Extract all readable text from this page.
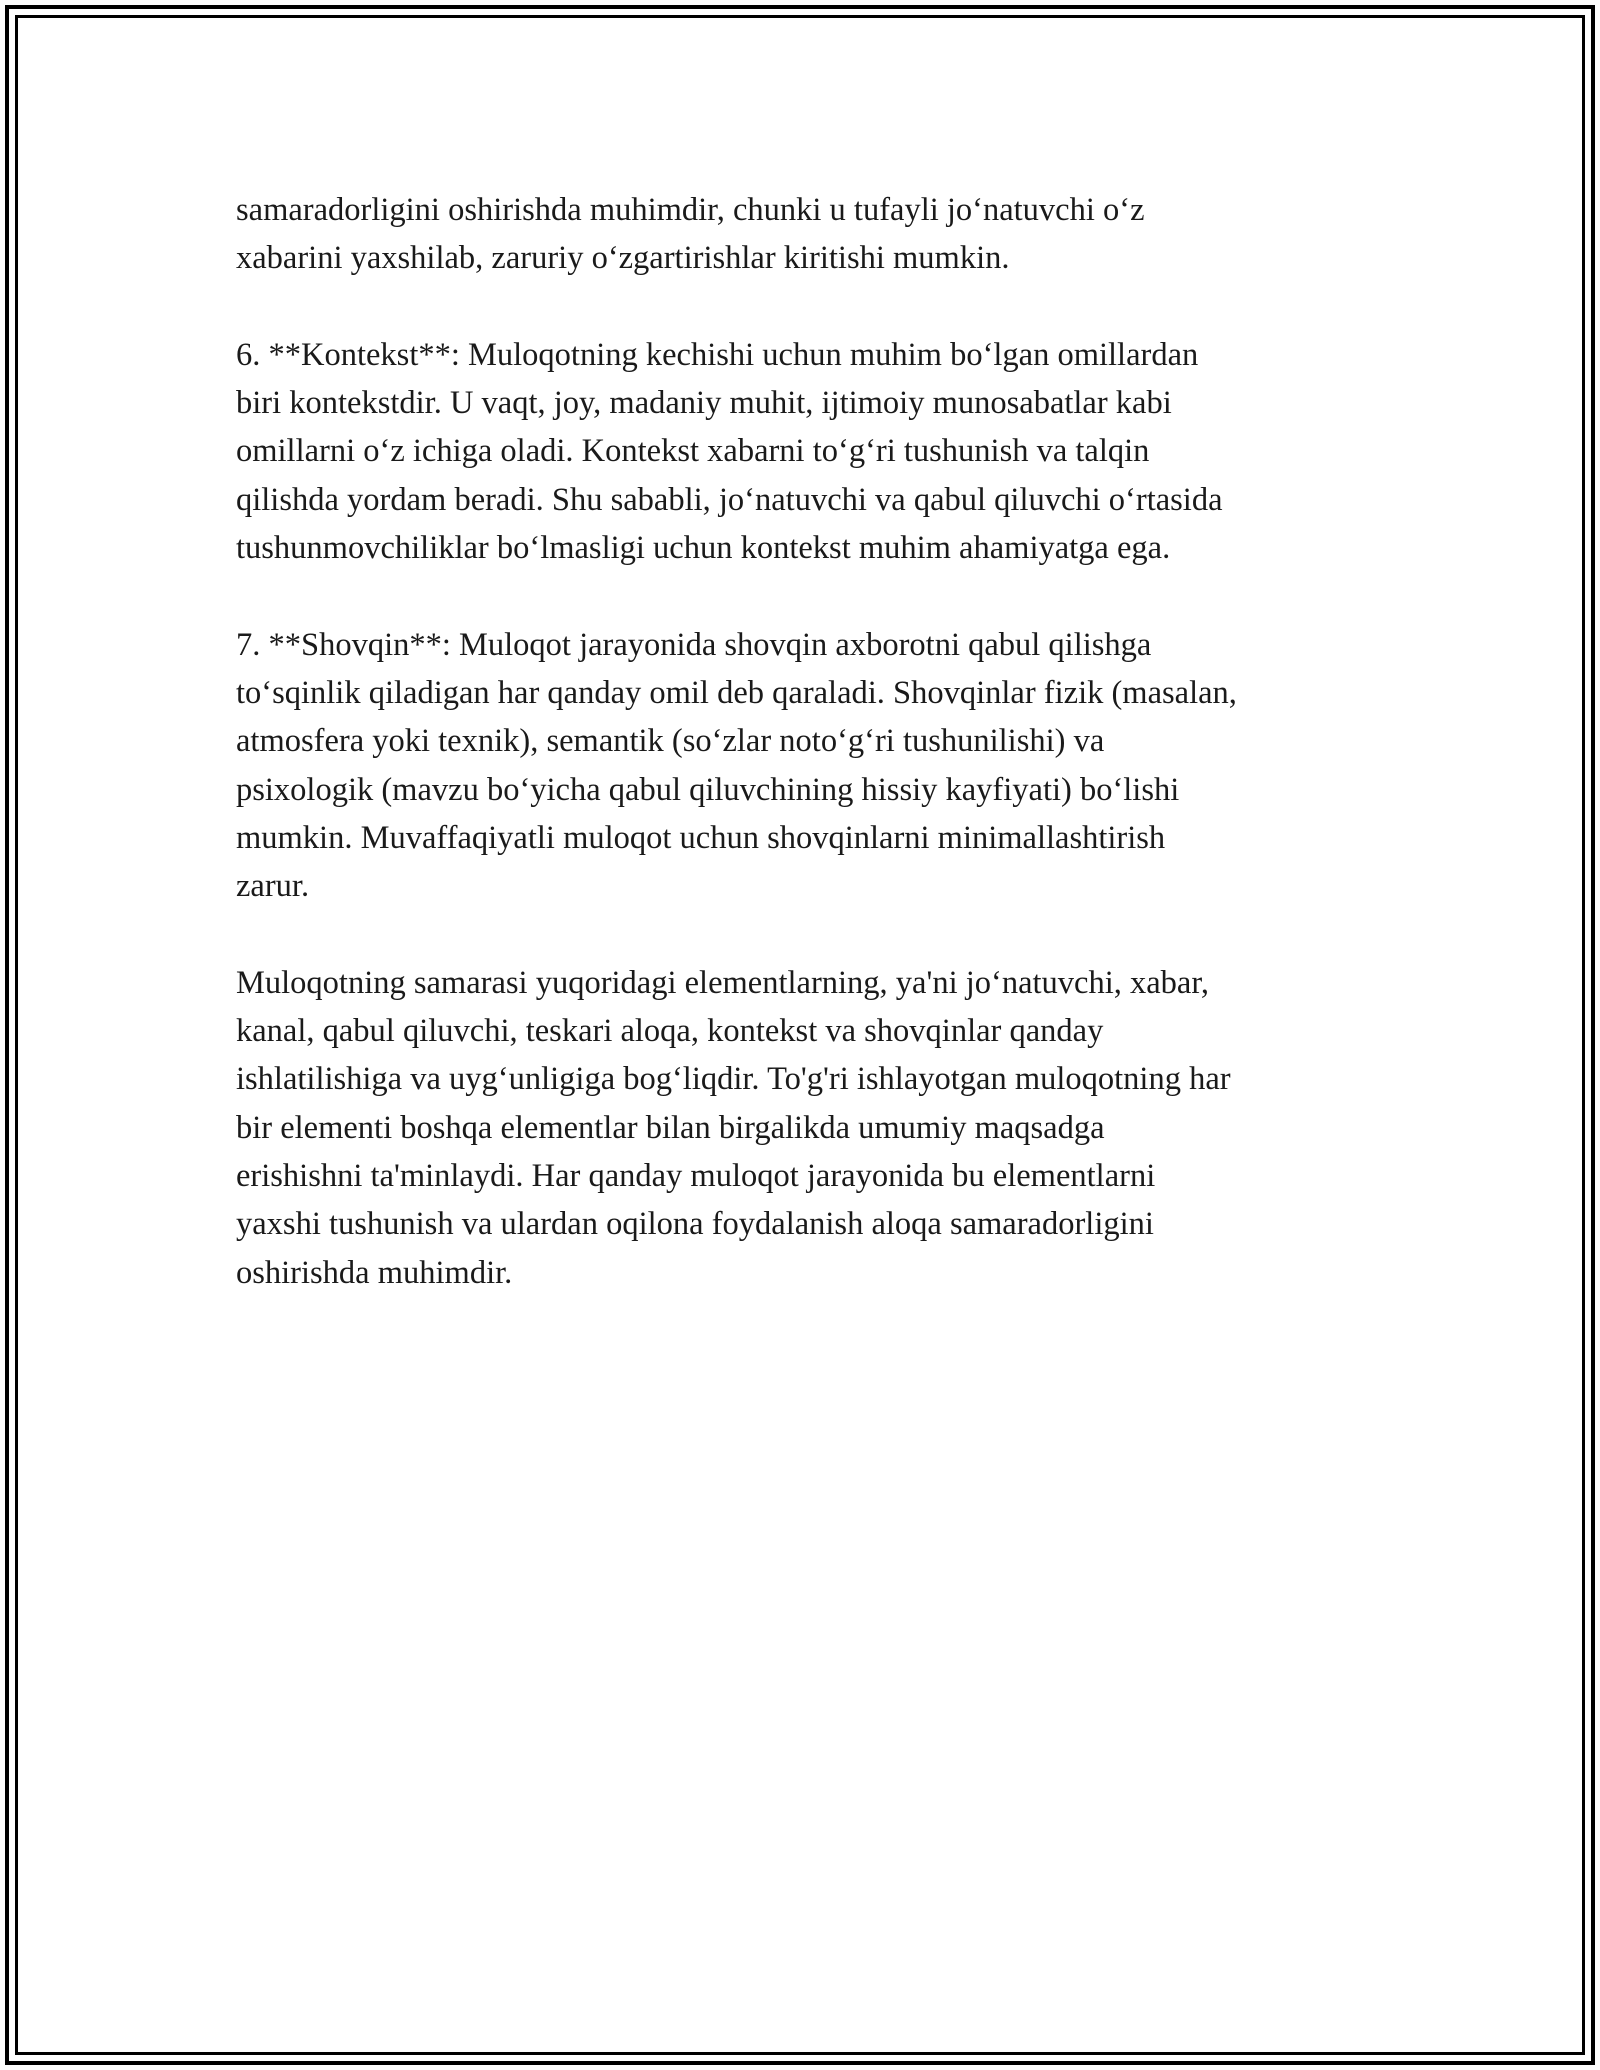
samaradorligini oshirishda muhimdir, chunki u tufayli jo‘natuvchi o‘z
xabarini yaxshilab, zaruriy o‘zgartirishlar kiritishi mumkin.

6. **Kontekst**: Muloqotning kechishi uchun muhim bo‘lgan omillardan
biri kontekstdir. U vaqt, joy, madaniy muhit, ijtimoiy munosabatlar kabi
omillarni o‘z ichiga oladi. Kontekst xabarni to‘g‘ri tushunish va talqin
qilishda yordam beradi. Shu sababli, jo‘natuvchi va qabul qiluvchi o‘rtasida
tushunmovchiliklar bo‘lmasligi uchun kontekst muhim ahamiyatga ega.

7. **Shovqin**: Muloqot jarayonida shovqin axborotni qabul qilishga
to‘sqinlik qiladigan har qanday omil deb qaraladi. Shovqinlar fizik (masalan,
atmosfera yoki texnik), semantik (so‘zlar noto‘g‘ri tushunilishi) va
psixologik (mavzu bo‘yicha qabul qiluvchining hissiy kayfiyati) bo‘lishi
mumkin. Muvaffaqiyatli muloqot uchun shovqinlarni minimallashtirish
zarur.

Muloqotning samarasi yuqoridagi elementlarning, ya'ni jo‘natuvchi, xabar,
kanal, qabul qiluvchi, teskari aloqa, kontekst va shovqinlar qanday
ishlatilishiga va uyg‘unligiga bog‘liqdir. To'g'ri ishlayotgan muloqotning har
bir elementi boshqa elementlar bilan birgalikda umumiy maqsadga
erishishni ta'minlaydi. Har qanday muloqot jarayonida bu elementlarni
yaxshi tushunish va ulardan oqilona foydalanish aloqa samaradorligini
oshirishda muhimdir.
